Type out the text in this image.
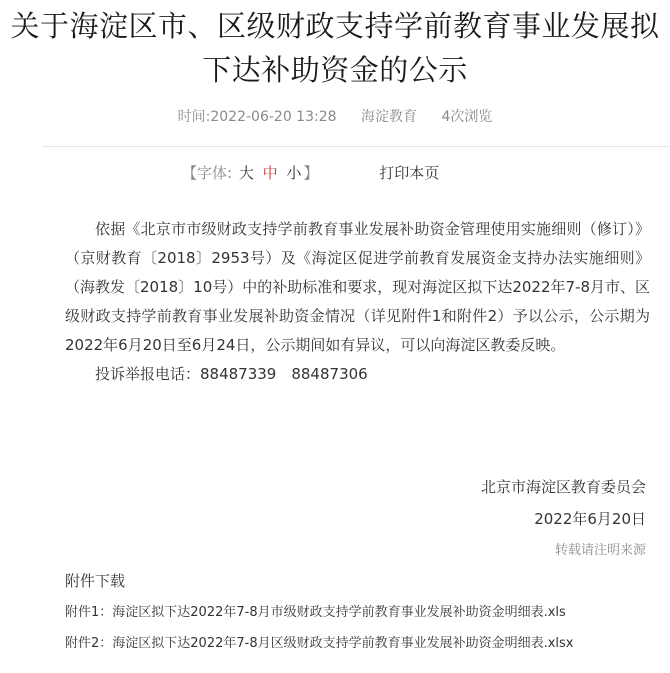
关于海淀区市、区级财政支持学前教育事业发展拟
下达补助资金的公示
时间:2022-06-20 13:28 海淀教育 4次浏览
【字体: 大 中 小 】	打印本页

依据《北京市市级财政支持学前教育事业发展补助资金管理使用实施细则（修订）》（京财教育〔2018〕2953号）及《海淀区促进学前教育发展资金支持办法实施细则》（海教发〔2018〕10号）中的补助标准和要求，现对海淀区拟下达2022年7-8月市、区级财政支持学前教育事业发展补助资金情况（详见附件1和附件2）予以公示，公示期为2022年6月20日至6月24日，公示期间如有异议，可以向海淀区教委反映。

投诉举报电话：88487339　88487306

北京市海淀区教育委员会
2022年6月20日
转载请注明来源
附件下载
附件1：海淀区拟下达2022年7-8月市级财政支持学前教育事业发展补助资金明细表.xls
附件2：海淀区拟下达2022年7-8月区级财政支持学前教育事业发展补助资金明细表.xlsx
